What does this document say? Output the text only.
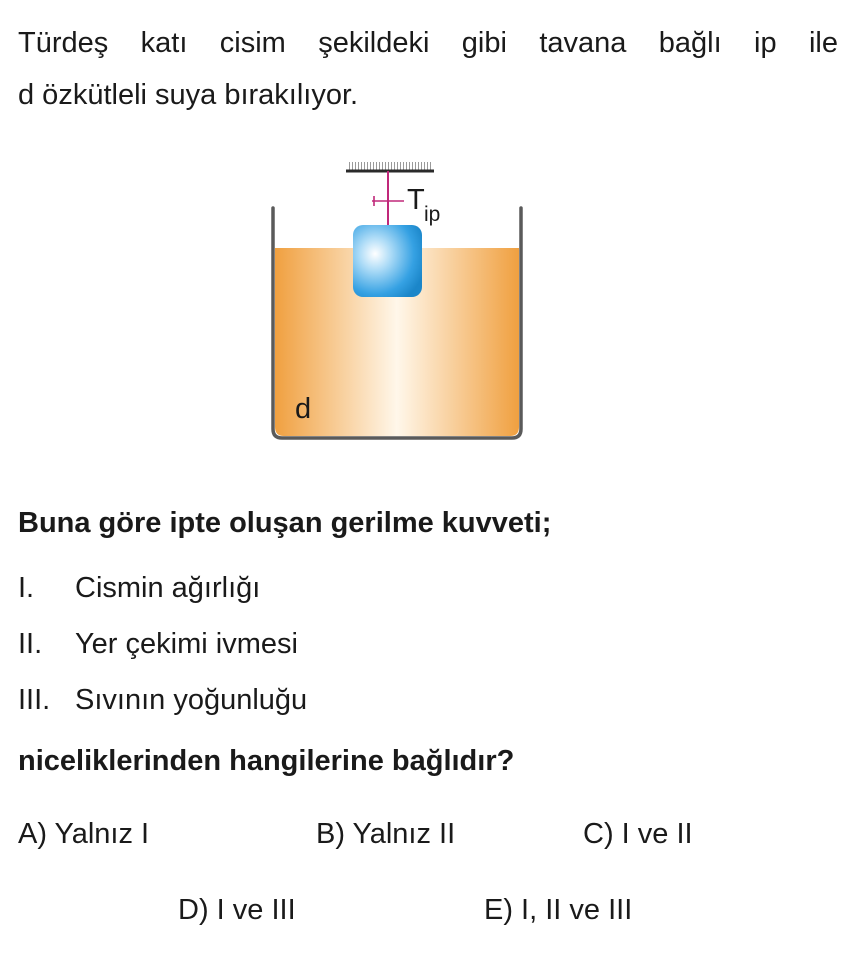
Türdeş katı cisim şekildeki gibi tavana bağlı ip ile
d özkütleli suya bırakılıyor.
T ip
d
Buna göre ipte oluşan gerilme kuvveti;
I. Cismin ağırlığı
II. Yer çekimi ivmesi
III. Sıvının yoğunluğu
niceliklerinden hangilerine bağlıdır?
A) Yalnız I	B) Yalnız II	C) I ve II
D) I ve III	E) I, II ve III
